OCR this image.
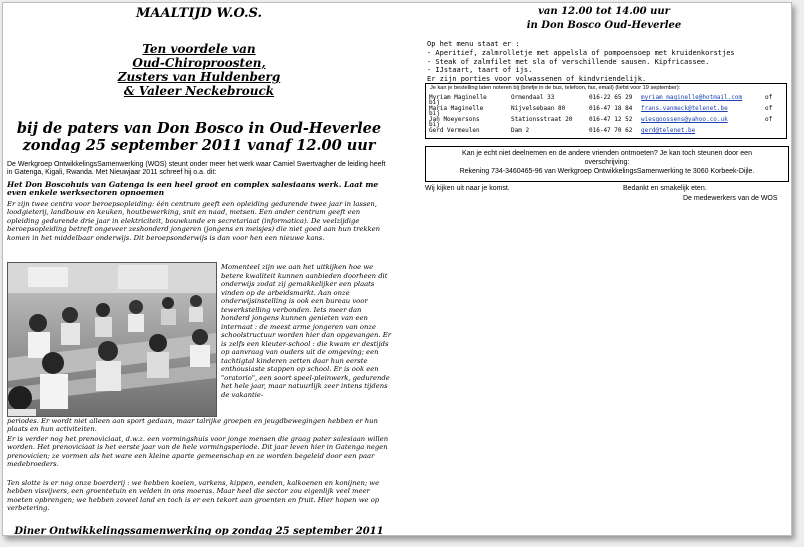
MAALTIJD W.O.S.
Ten voordele van
Oud-Chiroproosten,
Zusters van Huldenberg
& Valeer Neckebrouck
bij de paters van Don Bosco in Oud-Heverlee
zondag 25 september 2011 vanaf 12.00 uur

De Werkgroep OntwikkelingsSamenwerking (WOS) steunt onder meer het werk waar Camiel Swertvagher de leiding heeft in Gatenga, Kigali, Rwanda. Met Nieuwjaar 2011 schreef hij o.a. dit:

Het Don Boscohuis van Gatenga is een heel groot en complex salesiaans werk. Laat me even enkele werksectoren opnoemen

Er zijn twee centra voor beroepsopleiding: één centrum geeft een opleiding gedurende twee jaar in lassen, loodgieterij, landbouw en keuken, houtbewerking, snit en naad, metsen. Een ander centrum geeft een opleiding gedurende drie jaar in elektriciteit, bouwkunde en secretariaat (informatica). De veelzijdige beroepsopleiding betreft ongeveer zeshonderd jongeren (jongens en meisjes) die niet goed aan hun trekken komen in het middelbaar onderwijs. Dit beroepsonderwijs is dan voor hen een nieuwe kans.

Momenteel zijn we aan het uitkijken hoe we betere kwaliteit kunnen aanbieden doorheen dit onderwijs zodat zij gemakkelijker een plaats vinden op de arbeidsmarkt. Aan onze onderwijsinstelling is ook een bureau voor tewerkstelling verbonden. Iets meer dan honderd jongens kunnen genieten van een internaat : de meest arme jongeren van onze schoolstructuur worden hier dan opgevangen. Er is zelfs een kleuter-school : die kwam er destijds op aanvraag van ouders uit de omgeving; een tachtigtal kinderen zetten daar hun eerste enthousiaste stappen op school. Er is ook een "oratorio", een soort speel-pleinwerk, gedurende het hele jaar, maar natuurlijk zeer intens tijdens de vakantie-

periodes. Er wordt niet alleen aan sport gedaan, maar talrijke groepen en jeugdbewegingen hebben er hun plaats en hun activiteiten.

Er is verder nog het prenoviciaat, d.w.z. een vormingshuis voor jonge mensen die graag pater salesiaan willen worden. Het prenoviciaat is het eerste jaar van de hele vormingsperiode. Dit jaar leven hier in Gatenga negen prenovicien; ze vormen als het ware een kleine aparte gemeenschap en ze worden begeleid door een paar medebroeders.

Ten slotte is er nog onze boerderij : we hebben koeien, varkens, kippen, eenden, kalkoenen en konijnen; we hebben visvijvers, een groentetuin en velden in ons moeras. Maar heel die sector zou eigenlijk veel meer moeten opbrengen; we hebben zoveel land en toch is er een tekort aan groenten en fruit. Hier hopen we op verbetering.

Diner Ontwikkelingssamenwerking op zondag 25 september 2011
van 12.00 tot 14.00 uur
in Don Bosco Oud-Heverlee
Op het menu staat er :
- Aperitief, zalmrolletje met appelsla of pompoensoep met kruidenkorstjes
- Steak of zalmfilet met sla of verschillende sausen. Kipfricassee.
- IJstaart, taart of ijs.
Er zijn porties voor volwassenen of kindvriendelijk.
Je kan je bestelling laten noteren bij (briefje in de bus, telefoon, fax, email) (liefst voor 19 september):
Myriam Maginelle	Ormendaal 33	016-22 65 29 myriam_maginelle@hotmail.com	of
bij
Maria Maginelle	Nijvelsebaan 80	016-47 18 84 frans.vanmeck@telenet.be	of
bij
Jan Moeyersons	Stationsstraat 20	016-47 12 52 wiesgoossens@yahoo.co.uk	of
bij
Gerd Vermeulen	Dam 2	016-47 70 62 gerd@telenet.be
Kan je echt niet deelnemen en de andere vrienden ontmoeten? Je kan toch steunen door een
overschrijving:
Rekening 734-3460465-96 van Werkgroep OntwikkelingsSamenwerking te 3060 Korbeek-Dijle.
Wij kijken uit naar je komst.	Bedankt en smakelijk eten.
De medewerkers van de WOS
